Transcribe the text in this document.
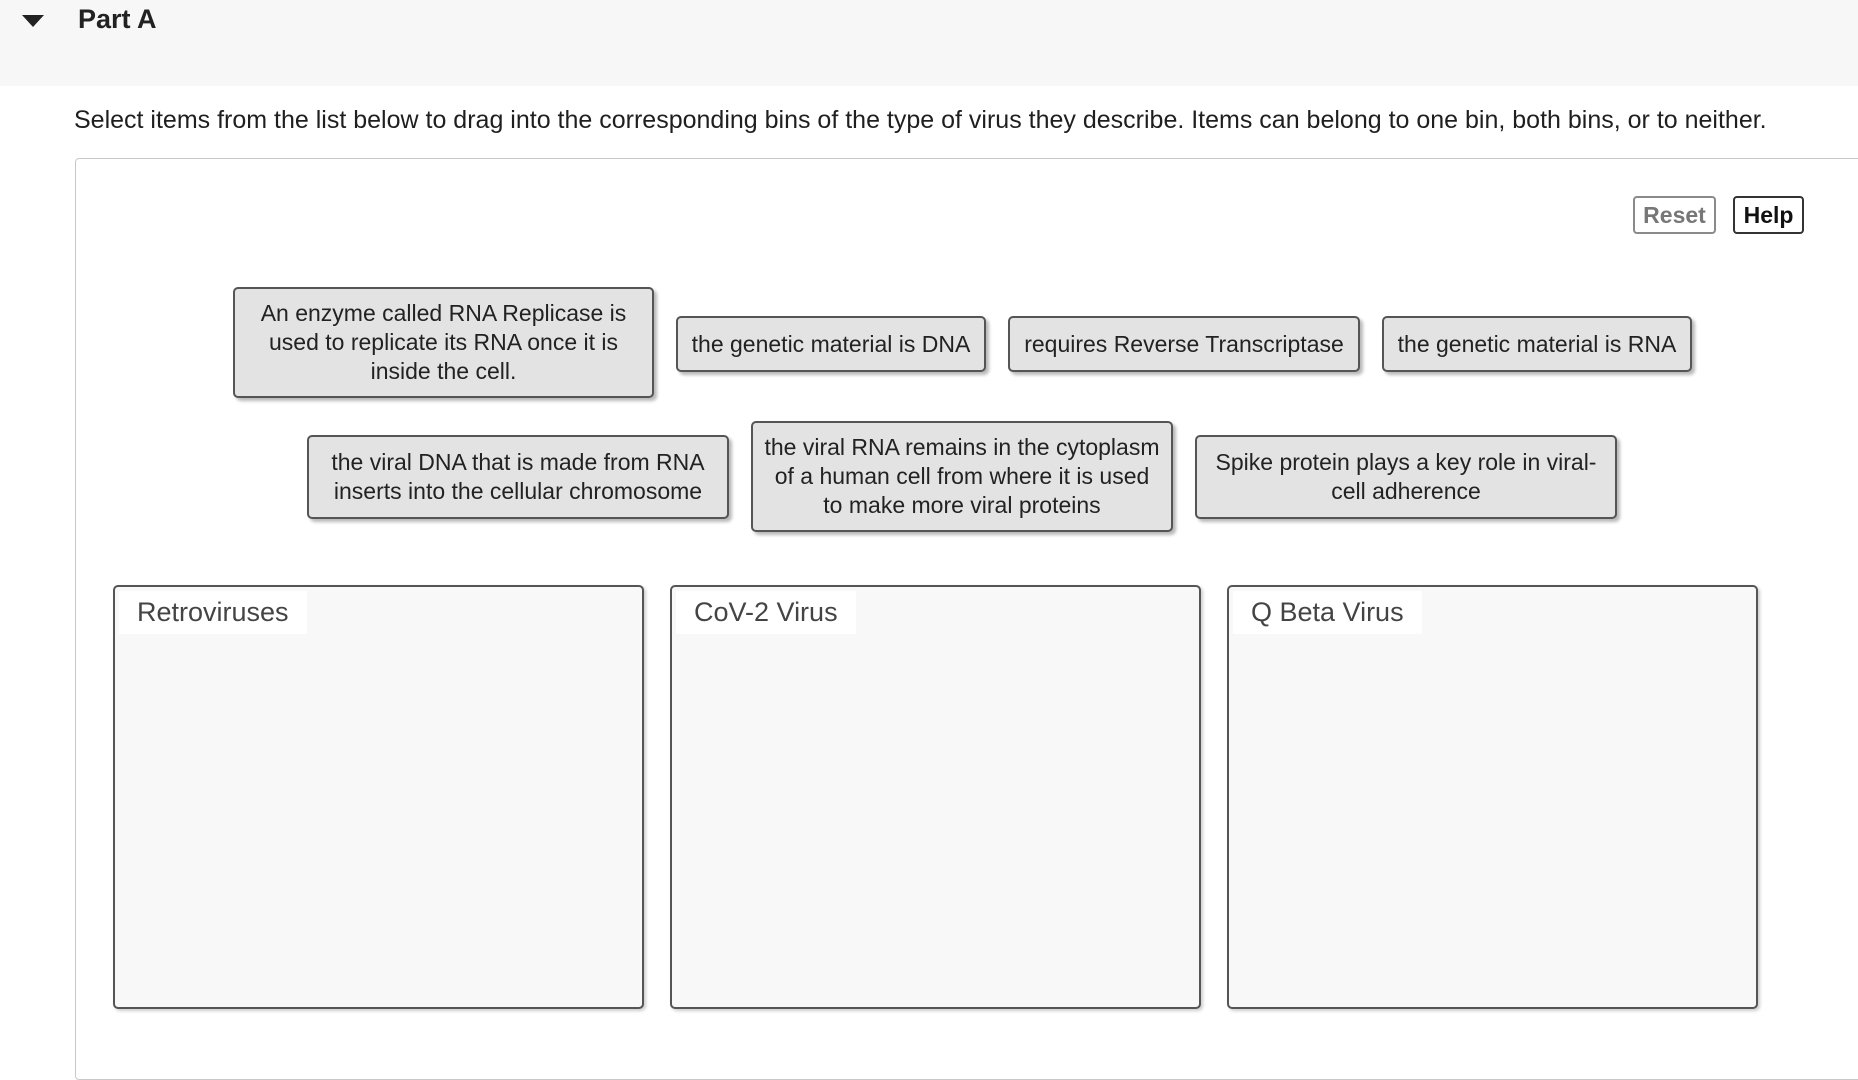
Part A
Select items from the list below to drag into the corresponding bins of the type of virus they describe. Items can belong to one bin, both bins, or to neither.
Reset	Help
An enzyme called RNA Replicase is used to replicate its RNA once it is inside the cell.
the genetic material is DNA	requires Reverse Transcriptase	the genetic material is RNA
the viral DNA that is made from RNA inserts into the cellular chromosome
the viral RNA remains in the cytoplasm of a human cell from where it is used to make more viral proteins
Spike protein plays a key role in viral-cell adherence
Retroviruses	CoV-2 Virus	Q Beta Virus
